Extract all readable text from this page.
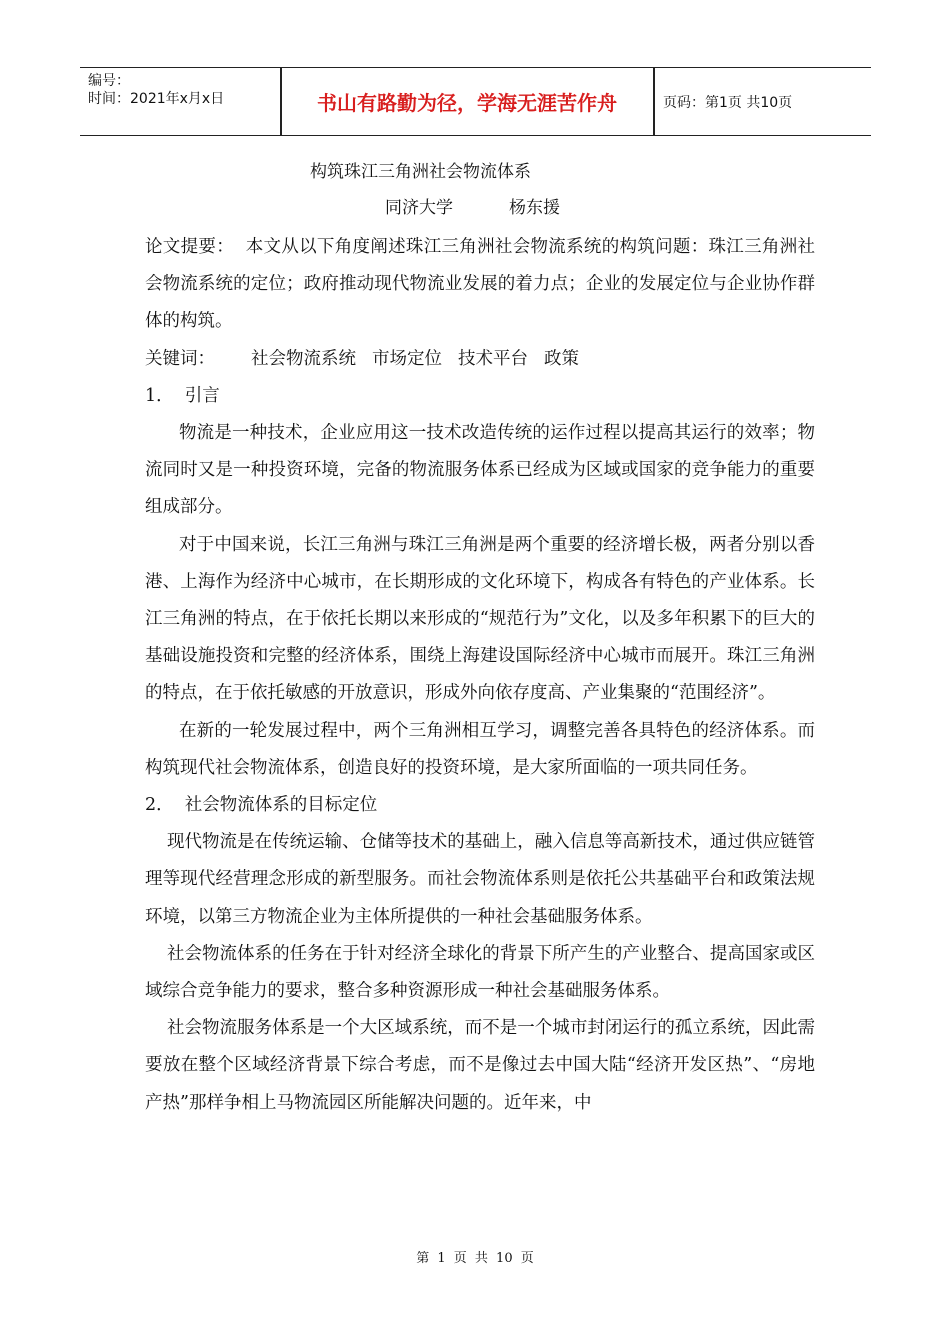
编号：
时间：2021年x月x日	书山有路勤为径，学海无涯苦作舟	页码：第1页 共10页
构筑珠江三角洲社会物流体系
同济大学	杨东援

论文提要：  本文从以下角度阐述珠江三角洲社会物流系统的构筑问题：珠江三角洲社会物流系统的定位；政府推动现代物流业发展的着力点；企业的发展定位与企业协作群体的构筑。

关键词： 社会物流系统 市场定位 技术平台 政策

1．  引言

物流是一种技术，企业应用这一技术改造传统的运作过程以提高其运行的效率；物流同时又是一种投资环境，完备的物流服务体系已经成为区域或国家的竞争能力的重要组成部分。

对于中国来说，长江三角洲与珠江三角洲是两个重要的经济增长极，两者分别以香港、上海作为经济中心城市，在长期形成的文化环境下，构成各有特色的产业体系。长江三角洲的特点，在于依托长期以来形成的“规范行为”文化，以及多年积累下的巨大的基础设施投资和完整的经济体系，围绕上海建设国际经济中心城市而展开。珠江三角洲的特点，在于依托敏感的开放意识，形成外向依存度高、产业集聚的“范围经济”。

在新的一轮发展过程中，两个三角洲相互学习，调整完善各具特色的经济体系。而构筑现代社会物流体系，创造良好的投资环境，是大家所面临的一项共同任务。

2．  社会物流体系的目标定位

现代物流是在传统运输、仓储等技术的基础上，融入信息等高新技术，通过供应链管理等现代经营理念形成的新型服务。而社会物流体系则是依托公共基础平台和政策法规环境，以第三方物流企业为主体所提供的一种社会基础服务体系。

社会物流体系的任务在于针对经济全球化的背景下所产生的产业整合、提高国家或区域综合竞争能力的要求，整合多种资源形成一种社会基础服务体系。

社会物流服务体系是一个大区域系统，而不是一个城市封闭运行的孤立系统，因此需要放在整个区域经济背景下综合考虑，而不是像过去中国大陆“经济开发区热”、“房地产热”那样争相上马物流园区所能解决问题的。近年来，中

第 1 页 共 10 页
